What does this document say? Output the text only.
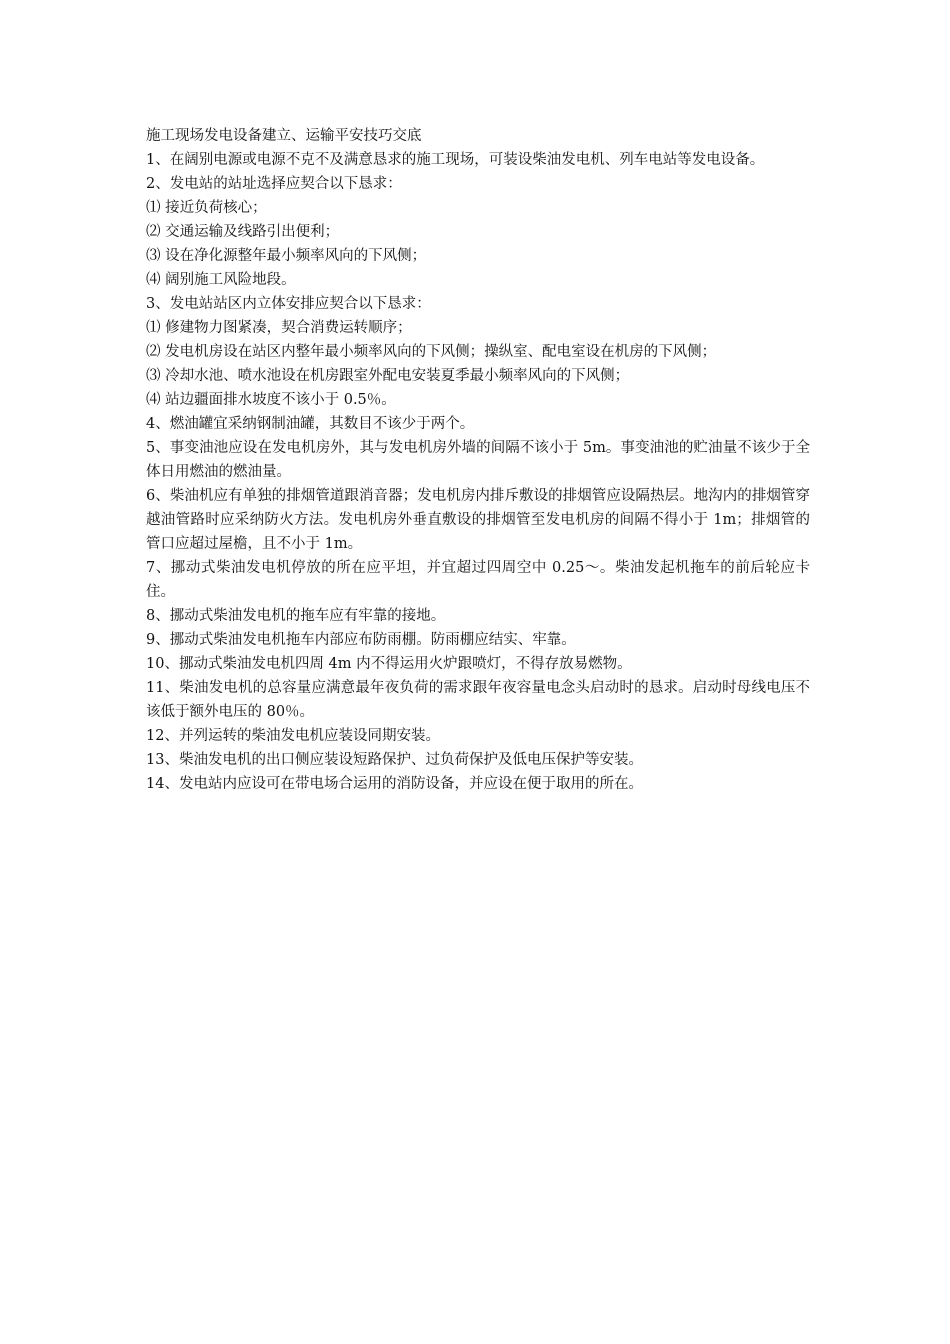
施工现场发电设备建立、运输平安技巧交底

1、在阔别电源或电源不克不及满意恳求的施工现场，可装设柴油发电机、列车电站等发电设备。

2、发电站的站址选择应契合以下恳求：

⑴ 接近负荷核心；

⑵ 交通运输及线路引出便利；

⑶ 设在净化源整年最小频率风向的下风侧；

⑷ 阔别施工风险地段。

3、发电站站区内立体安排应契合以下恳求：

⑴ 修建物力图紧凑，契合消费运转顺序；

⑵ 发电机房设在站区内整年最小频率风向的下风侧；操纵室、配电室设在机房的下风侧；

⑶ 冷却水池、喷水池设在机房跟室外配电安装夏季最小频率风向的下风侧；

⑷ 站边疆面排水坡度不该小于 0.5％。

4、燃油罐宜采纳钢制油罐，其数目不该少于两个。

5、事变油池应设在发电机房外，其与发电机房外墙的间隔不该小于 5m。事变油池的贮油量不该少于全体日用燃油的燃油量。

6、柴油机应有单独的排烟管道跟消音器；发电机房内排斥敷设的排烟管应设隔热层。地沟内的排烟管穿越油管路时应采纳防火方法。发电机房外垂直敷设的排烟管至发电机房的间隔不得小于 1m；排烟管的管口应超过屋檐，且不小于 1m。

7、挪动式柴油发电机停放的所在应平坦，并宜超过四周空中 0.25～。柴油发起机拖车的前后轮应卡住。

8、挪动式柴油发电机的拖车应有牢靠的接地。

9、挪动式柴油发电机拖车内部应布防雨棚。防雨棚应结实、牢靠。

10、挪动式柴油发电机四周 4m 内不得运用火炉跟喷灯，不得存放易燃物。

11、柴油发电机的总容量应满意最年夜负荷的需求跟年夜容量电念头启动时的恳求。启动时母线电压不该低于额外电压的 80％。

12、并列运转的柴油发电机应装设同期安装。

13、柴油发电机的出口侧应装设短路保护、过负荷保护及低电压保护等安装。

14、发电站内应设可在带电场合运用的消防设备，并应设在便于取用的所在。
